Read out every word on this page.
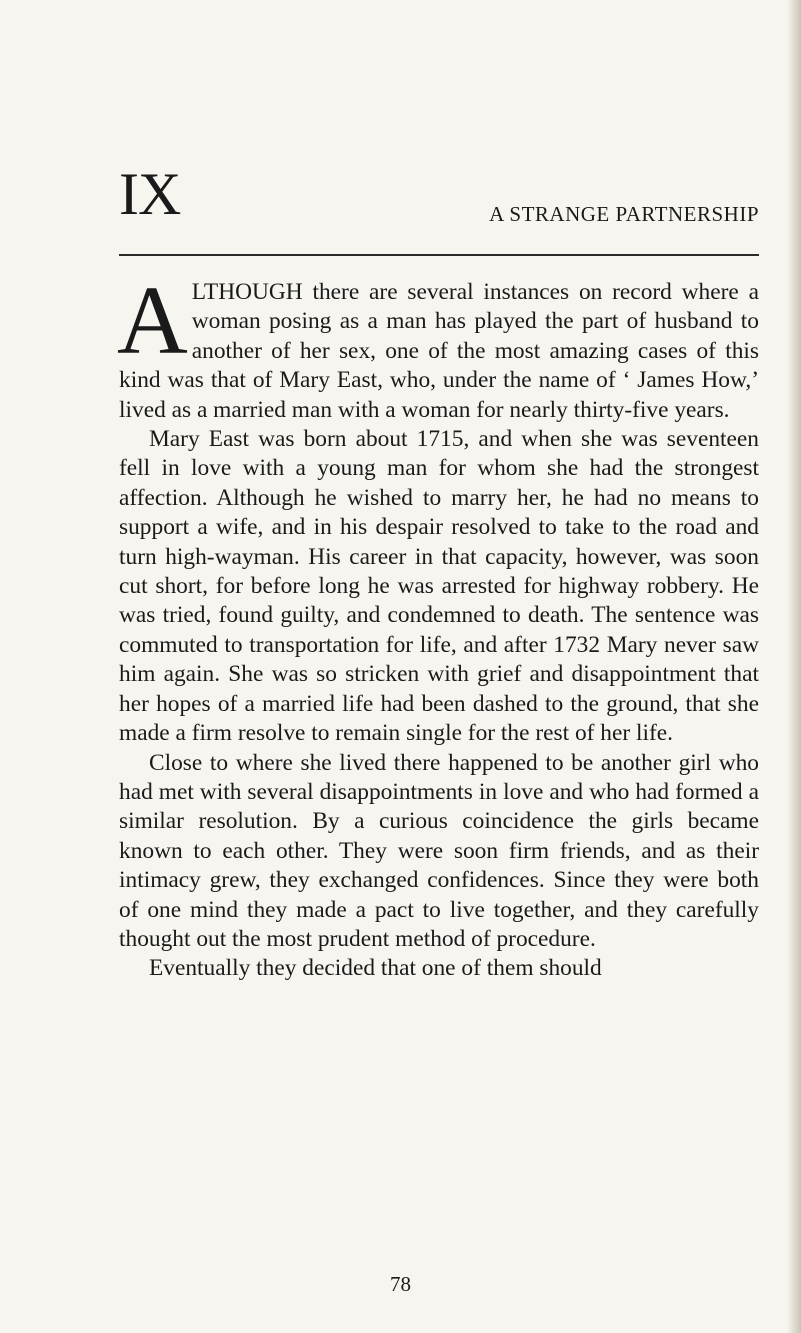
IX	A STRANGE PARTNERSHIP

ALTHOUGH there are several instances on record where a woman posing as a man has played the part of husband to another of her sex, one of the most amazing cases of this kind was that of Mary East, who, under the name of ‘ James How,’ lived as a married man with a woman for nearly thirty-five years.

Mary East was born about 1715, and when she was seventeen fell in love with a young man for whom she had the strongest affection. Although he wished to marry her, he had no means to support a wife, and in his despair resolved to take to the road and turn high‑wayman. His career in that capacity, however, was soon cut short, for before long he was arrested for highway robbery. He was tried, found guilty, and condemned to death. The sentence was commuted to transportation for life, and after 1732 Mary never saw him again. She was so stricken with grief and disappointment that her hopes of a married life had been dashed to the ground, that she made a firm resolve to remain single for the rest of her life.

Close to where she lived there happened to be another girl who had met with several disappointments in love and who had formed a similar resolution. By a curious coincidence the girls became known to each other. They were soon firm friends, and as their intimacy grew, they exchanged confidences. Since they were both of one mind they made a pact to live together, and they carefully thought out the most prudent method of procedure.

Eventually they decided that one of them should

78
